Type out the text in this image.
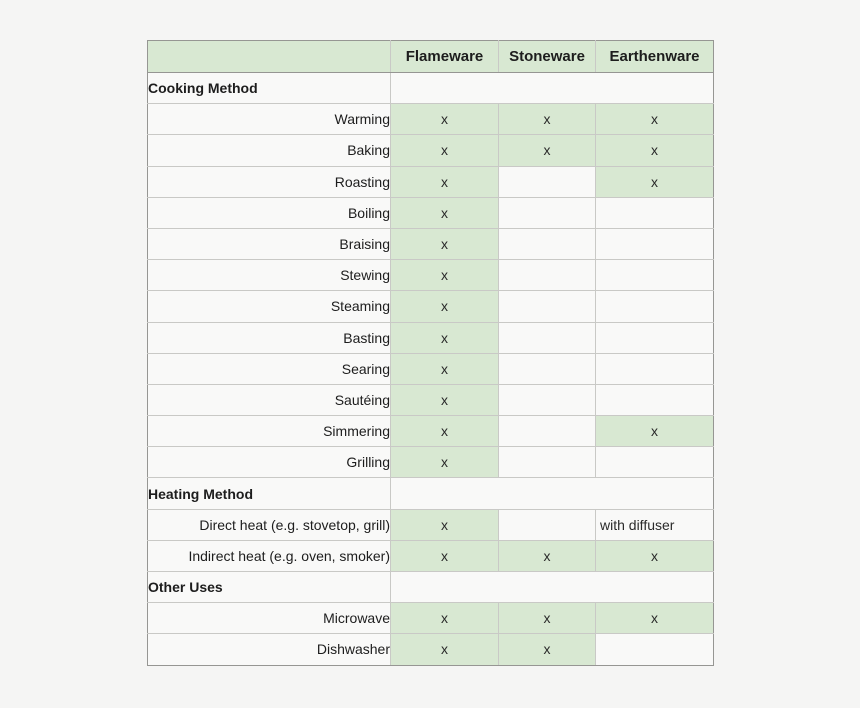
	Flameware	Stoneware	Earthenware
Cooking Method			
Warming	x	x	x
Baking	x	x	x
Roasting	x		x
Boiling	x		
Braising	x		
Stewing	x		
Steaming	x		
Basting	x		
Searing	x		
Sautéing	x		
Simmering	x		x
Grilling	x		
Heating Method			
Direct heat (e.g. stovetop, grill)	x		with diffuser
Indirect heat (e.g. oven, smoker)	x	x	x
Other Uses			
Microwave	x	x	x
Dishwasher	x	x	
